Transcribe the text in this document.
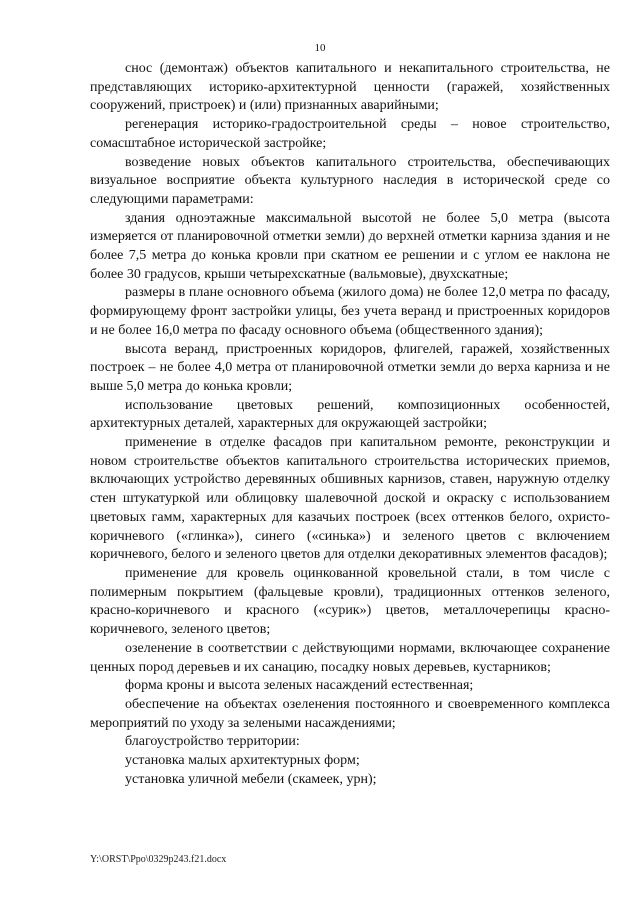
10

снос (демонтаж) объектов капитального и некапитального строительства, не представляющих историко-архитектурной ценности (гаражей, хозяйственных сооружений, пристроек) и (или) признанных аварийными;

регенерация историко-градостроительной среды – новое строительство, сомасштабное исторической застройке;

возведение новых объектов капитального строительства, обеспечивающих визуальное восприятие объекта культурного наследия в исторической среде со следующими параметрами:

здания одноэтажные максимальной высотой не более 5,0 метра (высота измеряется от планировочной отметки земли) до верхней отметки карниза здания и не более 7,5 метра до конька кровли при скатном ее решении и с углом ее наклона не более 30 градусов, крыши четырехскатные (вальмовые), двухскатные;

размеры в плане основного объема (жилого дома) не более 12,0 метра по фасаду, формирующему фронт застройки улицы, без учета веранд и пристроенных коридоров и не более 16,0 метра по фасаду основного объема (общественного здания);

высота веранд, пристроенных коридоров, флигелей, гаражей, хозяйственных построек – не более 4,0 метра от планировочной отметки земли до верха карниза и не выше 5,0 метра до конька кровли;

использование цветовых решений, композиционных особенностей, архитектурных деталей, характерных для окружающей застройки;

применение в отделке фасадов при капитальном ремонте, реконструкции и новом строительстве объектов капитального строительства исторических приемов, включающих устройство деревянных обшивных карнизов, ставен, наружную отделку стен штукатуркой или облицовку шалевочной доской и окраску с использованием цветовых гамм, характерных для казачьих построек (всех оттенков белого, охристо-коричневого («глинка»), синего («синька») и зеленого цветов с включением коричневого, белого и зеленого цветов для отделки декоративных элементов фасадов);

применение для кровель оцинкованной кровельной стали, в том числе с полимерным покрытием (фальцевые кровли), традиционных оттенков зеленого, красно-коричневого и красного («сурик») цветов, металлочерепицы красно-коричневого, зеленого цветов;

озеленение в соответствии с действующими нормами, включающее сохранение ценных пород деревьев и их санацию, посадку новых деревьев, кустарников;

форма кроны и высота зеленых насаждений естественная;

обеспечение на объектах озеленения постоянного и своевременного комплекса мероприятий по уходу за зелеными насаждениями;

благоустройство территории:

установка малых архитектурных форм;

установка уличной мебели (скамеек, урн);

Y:\ORST\Ppo\0329p243.f21.docx
